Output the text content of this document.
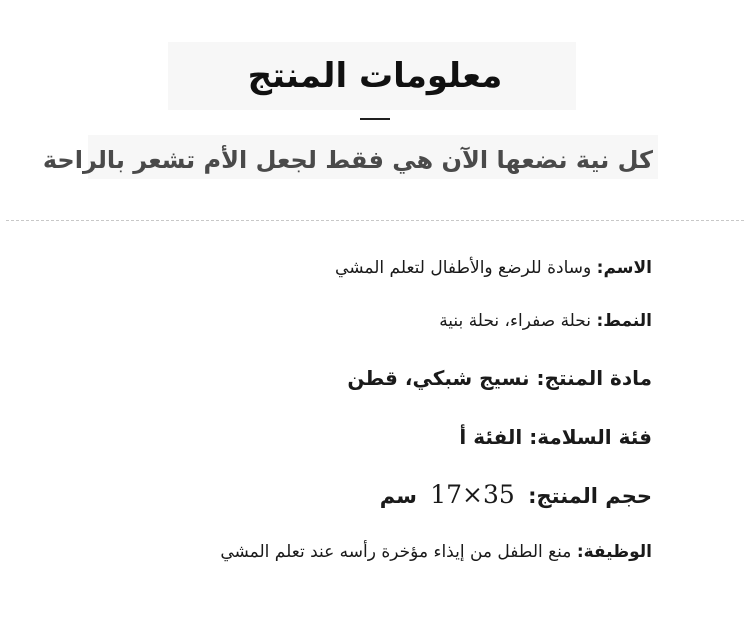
معلومات المنتج
كل نية نضعها الآن هي فقط لجعل الأم تشعر بالراحة
الاسم: وسادة للرضع والأطفال لتعلم المشي
النمط: نحلة صفراء، نحلة بنية
مادة المنتج: نسيج شبكي، قطن
فئة السلامة: الفئة أ
حجم المنتج: 17×35 سم
الوظيفة: منع الطفل من إيذاء مؤخرة رأسه عند تعلم المشي
